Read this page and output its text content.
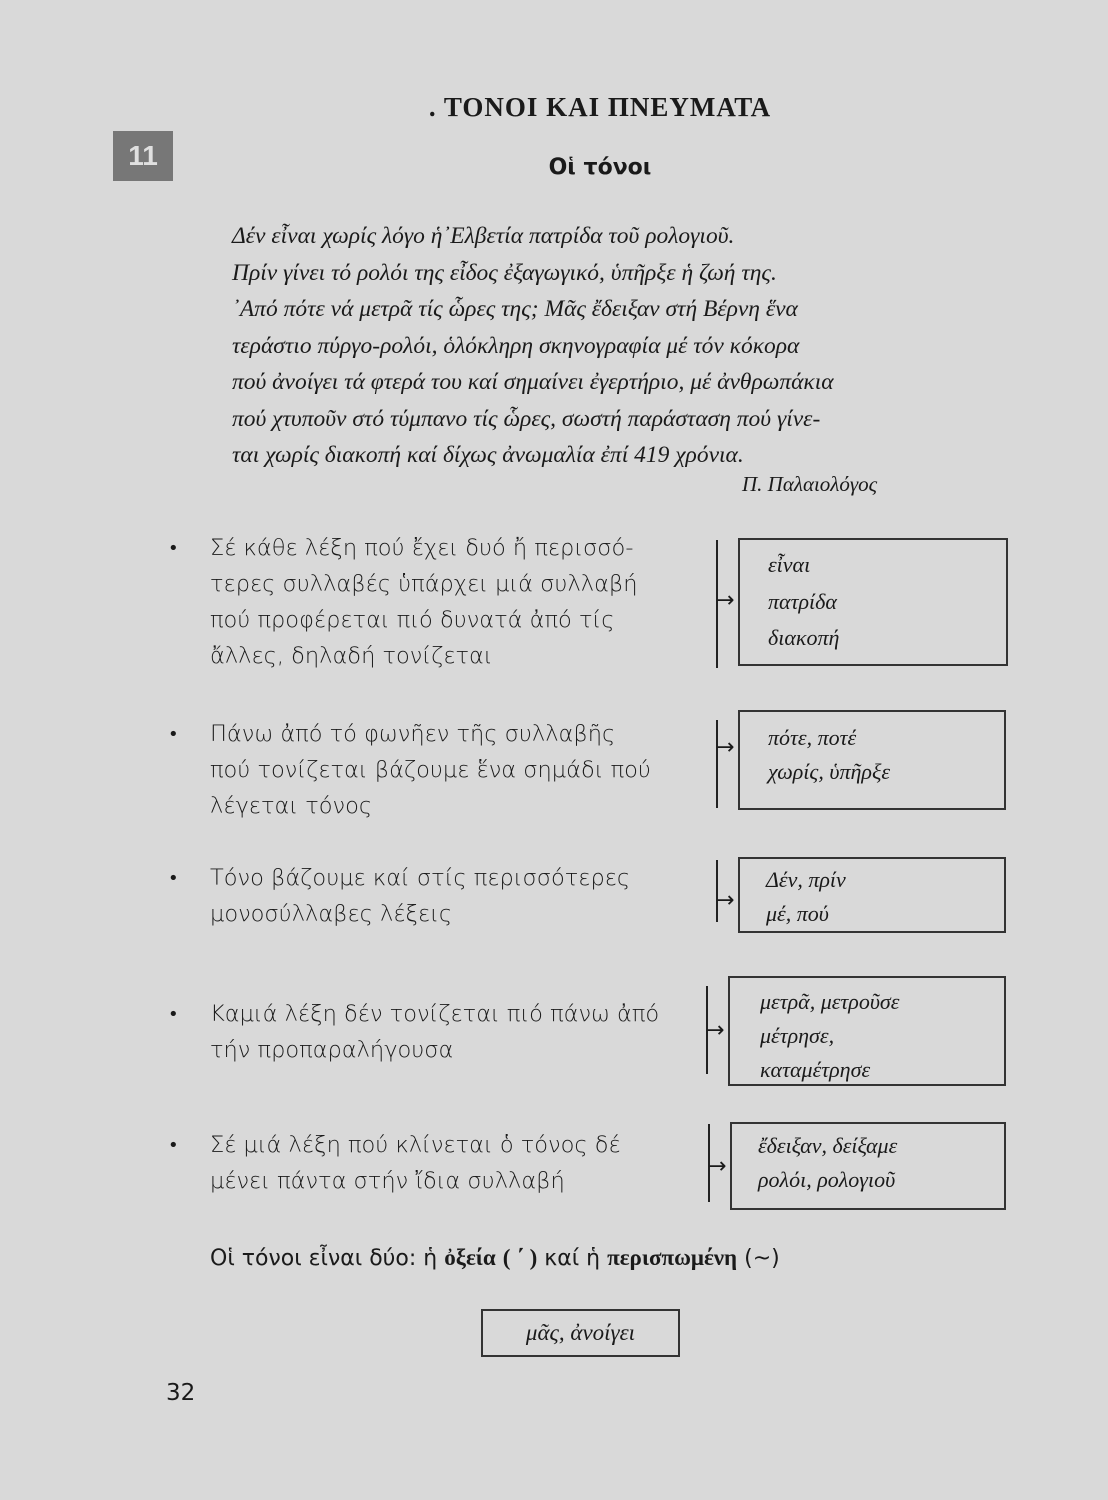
11
. ΤΟΝΟΙ ΚΑΙ ΠΝΕΥΜΑΤΑ
Οἱ τόνοι
Δέν εἶναι χωρίς λόγο ἡ᾿Ελβετία πατρίδα τοῦ ρολογιοῦ.
Πρίν γίνει τό ρολόι της εἶδος ἐξαγωγικό, ὑπῆρξε ἡ ζωή της.
᾿Από πότε νά μετρᾶ τίς ὧρες της; Μᾶς ἔδειξαν στή Βέρνη ἕνα
τεράστιο πύργο-ρολόι, ὁλόκληρη σκηνογραφία μέ τόν κόκορα
πού ἀνοίγει τά φτερά του καί σημαίνει ἐγερτήριο, μέ ἀνθρωπάκια
πού χτυποῦν στό τύμπανο τίς ὧρες, σωστή παράσταση πού γίνε-
ται χωρίς διακοπή καί δίχως ἀνωμαλία ἐπί 419 χρόνια.
Π. Παλαιολόγος
• Σέ κάθε λέξη πού ἔχει δυό ἤ περισσό-
τερες συλλαβές ὑπάρχει μιά συλλαβή
πού προφέρεται πιό δυνατά ἀπό τίς
ἄλλες, δηλαδή τονίζεται
→
εἶναι
πατρίδα
διακοπή
• Πάνω ἀπό τό φωνῆεν τῆς συλλαβῆς
πού τονίζεται βάζουμε ἕνα σημάδι πού
λέγεται τόνος
→ πότε, ποτέ
χωρίς, ὑπῆρξε
• Τόνο βάζουμε καί στίς περισσότερες
μονοσύλλαβες λέξεις
→
Δέν, πρίν
μέ, πού
• Καμιά λέξη δέν τονίζεται πιό πάνω ἀπό
τήν προπαραλήγουσα
→
μετρᾶ, μετροῦσε
μέτρησε,
καταμέτρησε
• Σέ μιά λέξη πού κλίνεται ὁ τόνος δέ
μένει πάντα στήν ἴδια συλλαβή
→
ἔδειξαν, δείξαμε
ρολόι, ρολογιοῦ
Οἱ τόνοι εἶναι δύο: ἡ ὀξεία ( ΄ ) καί ἡ περισπωμένη (~)
μᾶς, ἀνοίγει
32
